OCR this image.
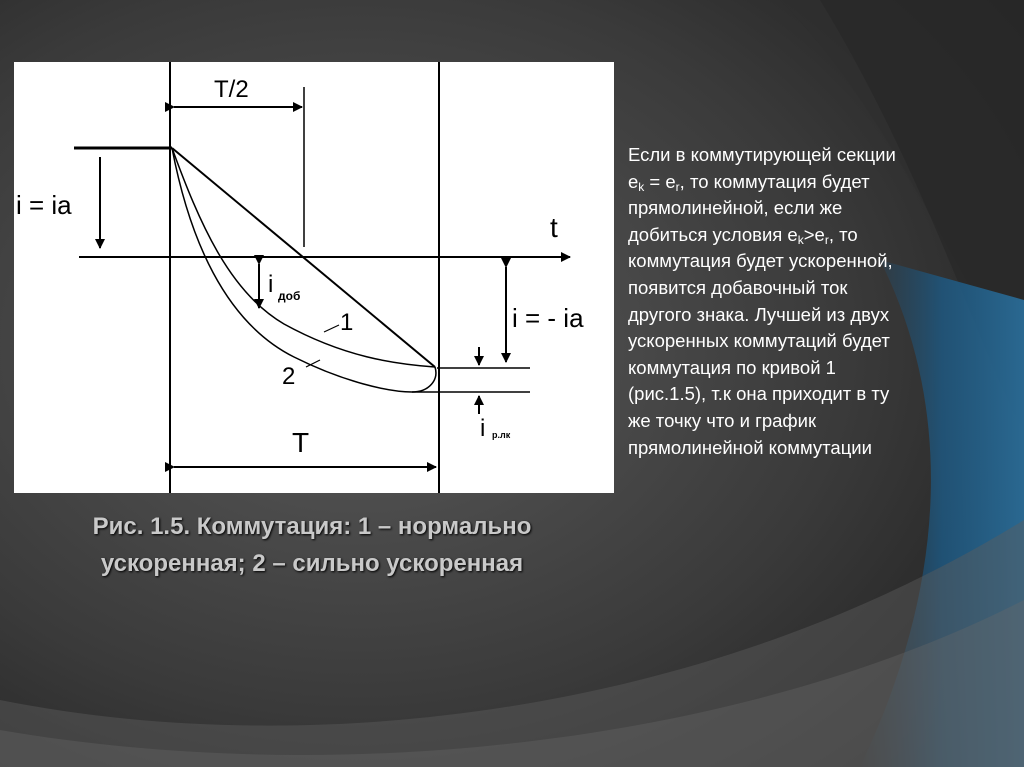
T/2
T
t
i = ia
i = - ia
i доб
i р.лк
1
2
Рис. 1.5. Коммутация: 1 – нормально
ускоренная; 2 – сильно ускоренная
Если в коммутирующей секции
$e_k = e_r$, то коммутация будет
прямолинейной, если же
добиться условия $e_k>e_r$, то
коммутация будет ускоренной,
появится добавочный ток
другого знака. Лучшей из двух
ускоренных коммутаций будет
коммутация по кривой 1
(рис.1.5), т.к она приходит в ту
же точку что и график
прямолинейной коммутации
